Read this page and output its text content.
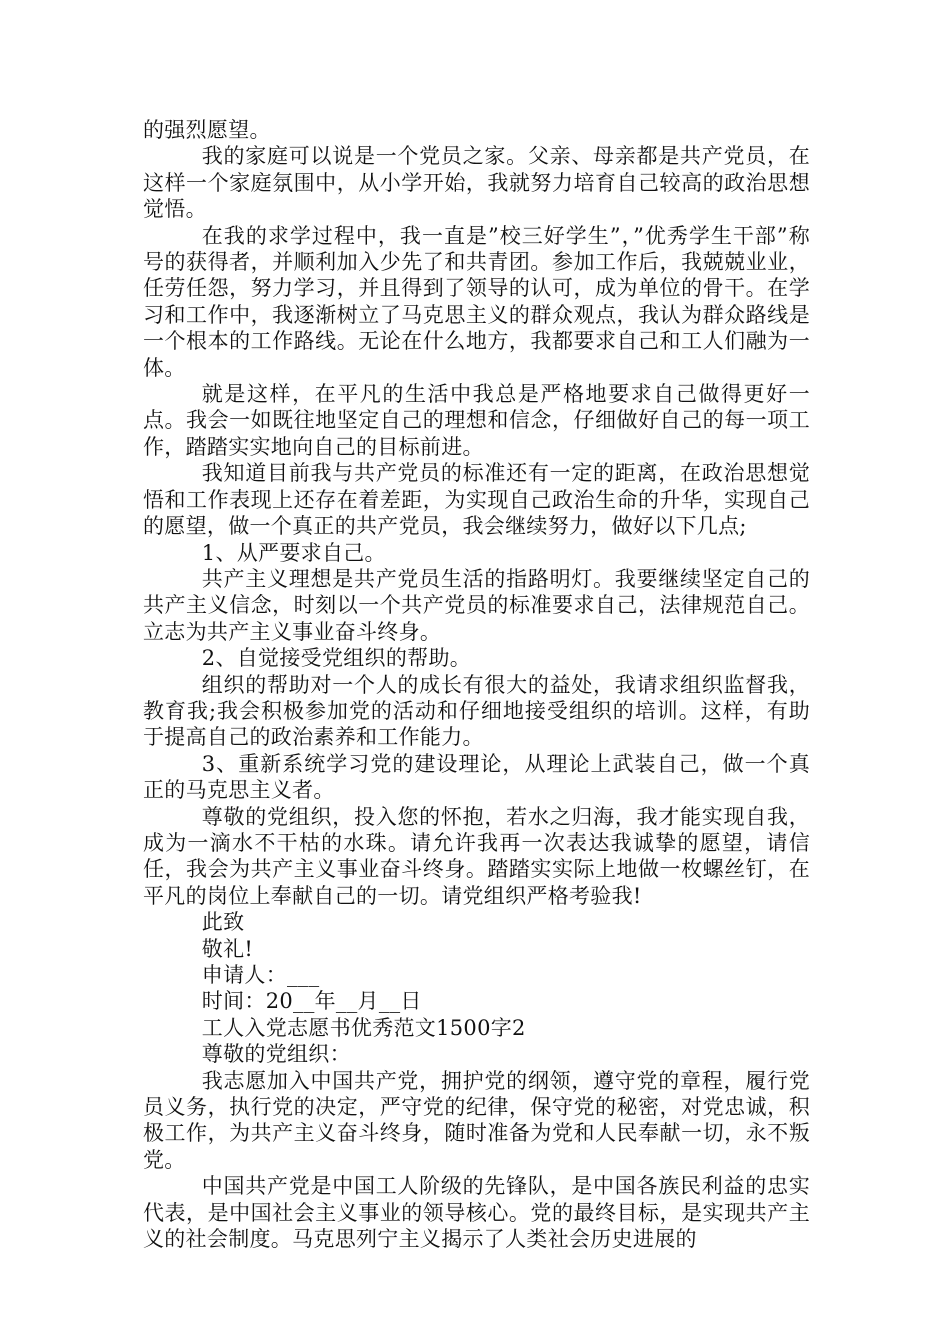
的强烈愿望。

我的家庭可以说是一个党员之家。父亲、母亲都是共产党员，在这样一个家庭氛围中，从小学开始，我就努力培育自己较高的政治思想觉悟。

在我的求学过程中，我一直是”校三好学生”，”优秀学生干部”称号的获得者，并顺利加入少先了和共青团。参加工作后，我兢兢业业，任劳任怨，努力学习，并且得到了领导的认可，成为单位的骨干。在学习和工作中，我逐渐树立了马克思主义的群众观点，我认为群众路线是一个根本的工作路线。无论在什么地方，我都要求自己和工人们融为一体。

就是这样，在平凡的生活中我总是严格地要求自己做得更好一点。我会一如既往地坚定自己的理想和信念，仔细做好自己的每一项工作，踏踏实实地向自己的目标前进。

我知道目前我与共产党员的标准还有一定的距离，在政治思想觉悟和工作表现上还存在着差距，为实现自己政治生命的升华，实现自己的愿望，做一个真正的共产党员，我会继续努力，做好以下几点;

1、从严要求自己。

共产主义理想是共产党员生活的指路明灯。我要继续坚定自己的共产主义信念，时刻以一个共产党员的标准要求自己，法律规范自己。立志为共产主义事业奋斗终身。

2、自觉接受党组织的帮助。

组织的帮助对一个人的成长有很大的益处，我请求组织监督我，教育我;我会积极参加党的活动和仔细地接受组织的培训。这样，有助于提高自己的政治素养和工作能力。

3、重新系统学习党的建设理论，从理论上武装自己，做一个真正的马克思主义者。

尊敬的党组织，投入您的怀抱，若水之归海，我才能实现自我，成为一滴水不干枯的水珠。请允许我再一次表达我诚挚的愿望，请信任，我会为共产主义事业奋斗终身。踏踏实实际上地做一枚螺丝钉，在平凡的岗位上奉献自己的一切。请党组织严格考验我!

此致

敬礼!

申请人：___

时间：20__年__月__日

工人入党志愿书优秀范文1500字2

尊敬的党组织：

我志愿加入中国共产党，拥护党的纲领，遵守党的章程，履行党员义务，执行党的决定，严守党的纪律，保守党的秘密，对党忠诚，积极工作，为共产主义奋斗终身，随时准备为党和人民奉献一切，永不叛党。

中国共产党是中国工人阶级的先锋队，是中国各族民利益的忠实代表，是中国社会主义事业的领导核心。党的最终目标，是实现共产主义的社会制度。马克思列宁主义揭示了人类社会历史进展的
